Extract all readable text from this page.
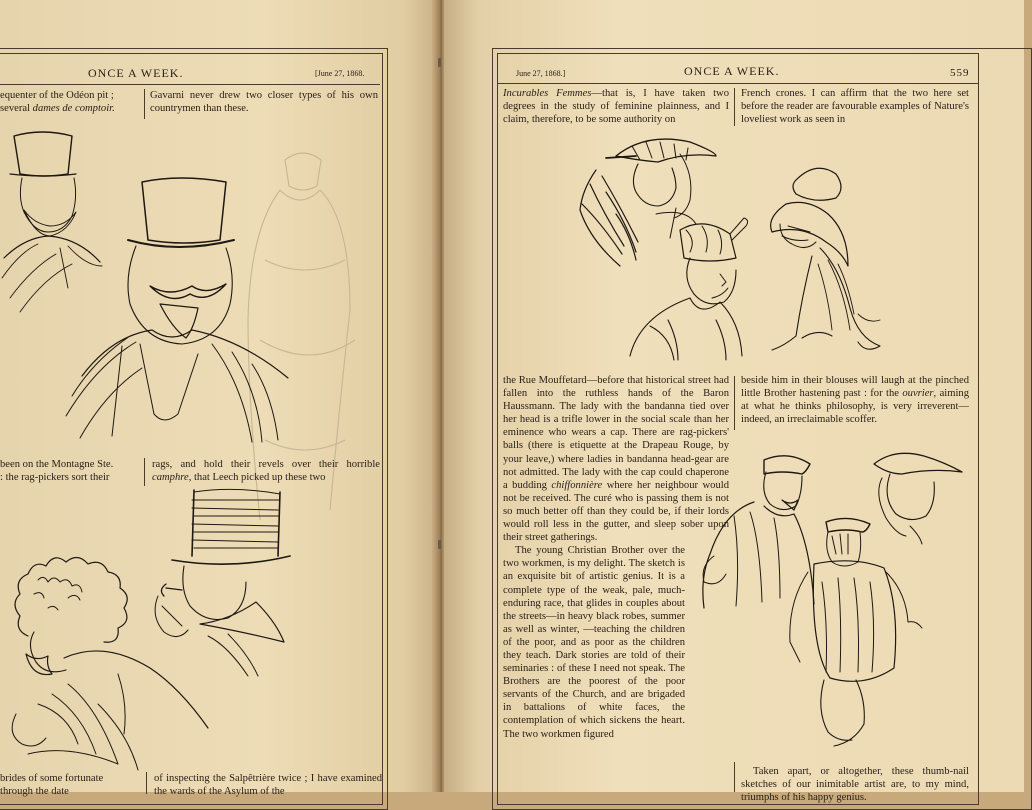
ONCE A WEEK.	[June 27, 1868.

equenter of the Odéon pit ;

several dames de comptoir.

Gavarni never drew two closer types of his own countrymen than these.

been on the Montagne Ste.

: the rag-pickers sort their

rags, and hold their revels over their horrible camphre, that Leech picked up these two

brides of some fortunate

through the date

of inspecting the Salpêtrière twice ; I have examined the wards of the Asylum of the
June 27, 1868.]	ONCE A WEEK.	559
Incurables Femmes—that is, I have taken two degrees in the study of feminine plainness, and I claim, therefore, to be some authority on
French crones. I can affirm that the two here set before the reader are favourable examples of Nature's loveliest work as seen in

the Rue Mouffetard—before that historical street had fallen into the ruthless hands of the Baron Haussmann. The lady with the bandanna tied over her head is a trifle lower in the social scale than her eminence who wears a cap. There are rag-pickers' balls (there is etiquette at the Drapeau Rouge, by your leave,) where ladies in bandanna head-gear are not admitted. The lady with the cap could chaperone a budding chiffonnière where her neighbour would not be received. The curé who is passing them is not so much better off than they could be, if their lords would roll less in the gutter, and sleep sober upon their street gatherings.

The young Christian Brother over the two workmen, is my delight. The sketch is an exquisite bit of artistic genius. It is a complete type of the weak, pale, much-enduring race, that glides in couples about the streets—in heavy black robes, summer as well as winter, —teaching the children of the poor, and as poor as the children they teach. Dark stories are told of their seminaries : of these I need not speak. The Brothers are the poorest of the poor servants of the Church, and are brigaded in battalions of white faces, the contemplation of which sickens the heart. The two workmen figured

beside him in their blouses will laugh at the pinched little Brother hastening past : for the ouvrier, aiming at what he thinks philosophy, is very irreverent—indeed, an irreclaimable scoffer.

Taken apart, or altogether, these thumb-nail sketches of our inimitable artist are, to my mind, triumphs of his happy genius.
